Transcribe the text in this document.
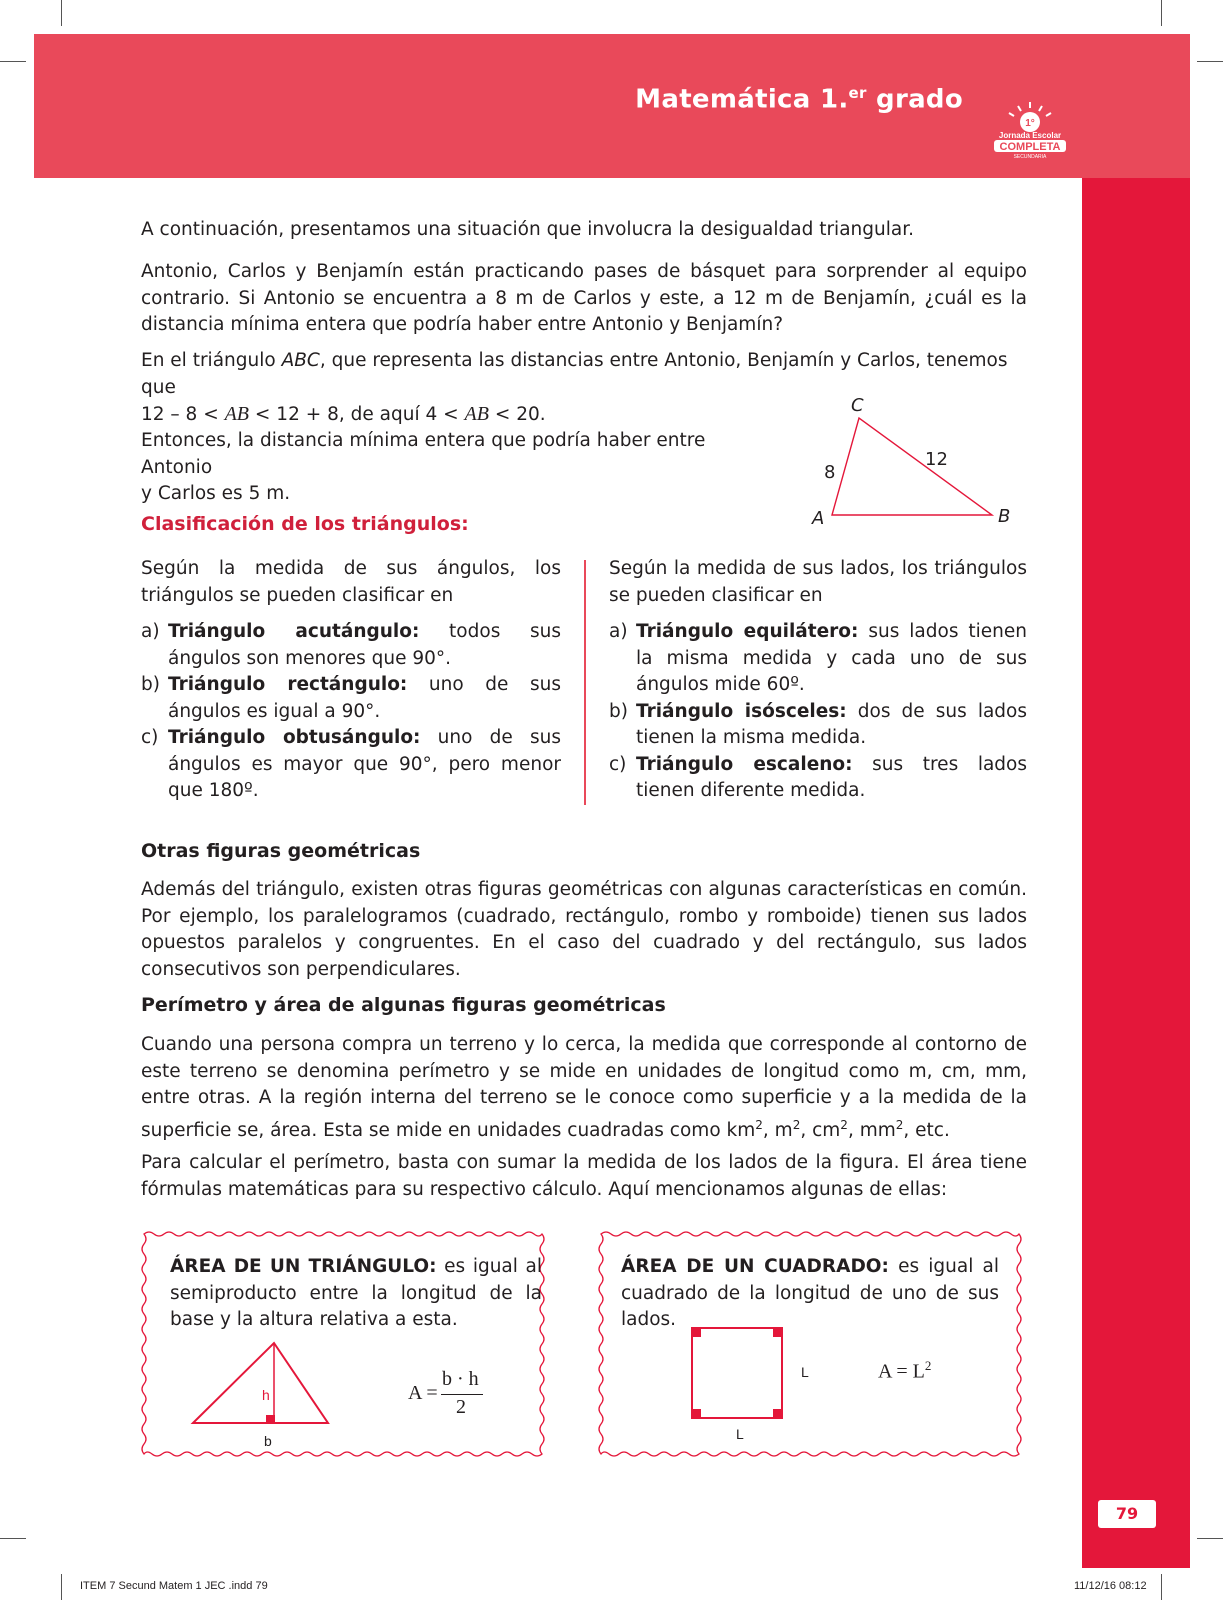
Matemática 1.$^{er}$ grado
1°
Jornada Escolar
COMPLETA
SECUNDARIA
79
A continuación, presentamos una situación que involucra la desigualdad triangular.
Antonio, Carlos y Benjamín están practicando pases de básquet para sorprender al equipo contrario. Si Antonio se encuentra a 8 m de Carlos y este, a 12 m de Benjamín, ¿cuál es la distancia mínima entera que podría haber entre Antonio y Benjamín?
En el triángulo ABC, que representa las distancias entre Antonio, Benjamín y Carlos, tenemos que
12 – 8 < AB < 12 + 8, de aquí 4 < AB < 20.
Entonces, la distancia mínima entera que podría haber entre Antonio
y Carlos es 5 m.
C
A	B
8
12
Clasificación de los triángulos:
Según la medida de sus ángulos, los triángulos se pueden clasificar en
a) Triángulo acutángulo: todos sus ángulos son menores que 90°.
b) Triángulo rectángulo: uno de sus ángulos es igual a 90°.
c) Triángulo obtusángulo: uno de sus ángulos es mayor que 90°, pero menor que 180º.
Según la medida de sus lados, los triángulos se pueden clasificar en
a) Triángulo equilátero: sus lados tienen la misma medida y cada uno de sus ángulos mide 60º.
b) Triángulo isósceles: dos de sus lados tienen la misma medida.
c) Triángulo escaleno: sus tres lados tienen diferente medida.
Otras figuras geométricas
Además del triángulo, existen otras figuras geométricas con algunas características en común. Por ejemplo, los paralelogramos (cuadrado, rectángulo, rombo y romboide) tienen sus lados opuestos paralelos y congruentes. En el caso del cuadrado y del rectángulo, sus lados consecutivos son perpendiculares.
Perímetro y área de algunas figuras geométricas
Cuando una persona compra un terreno y lo cerca, la medida que corresponde al contorno de este terreno se denomina perímetro y se mide en unidades de longitud como m, cm, mm, entre otras. A la región interna del terreno se le conoce como superficie y a la medida de la superficie se, área. Esta se mide en unidades cuadradas como $km^2$, $m^2$, $cm^2$, $mm^2$, etc.
Para calcular el perímetro, basta con sumar la medida de los lados de la figura. El área tiene fórmulas matemáticas para su respectivo cálculo. Aquí mencionamos algunas de ellas:
ÁREA DE UN TRIÁNGULO: es igual al semiproducto entre la longitud de la base y la altura relativa a esta.
h
b
A =
b · h
2
ÁREA DE UN CUADRADO: es igual al cuadrado de la longitud de uno de sus lados.
L
L
$A = L^2$
ITEM 7 Secund Matem 1 JEC .indd 79	11/12/16 08:12
